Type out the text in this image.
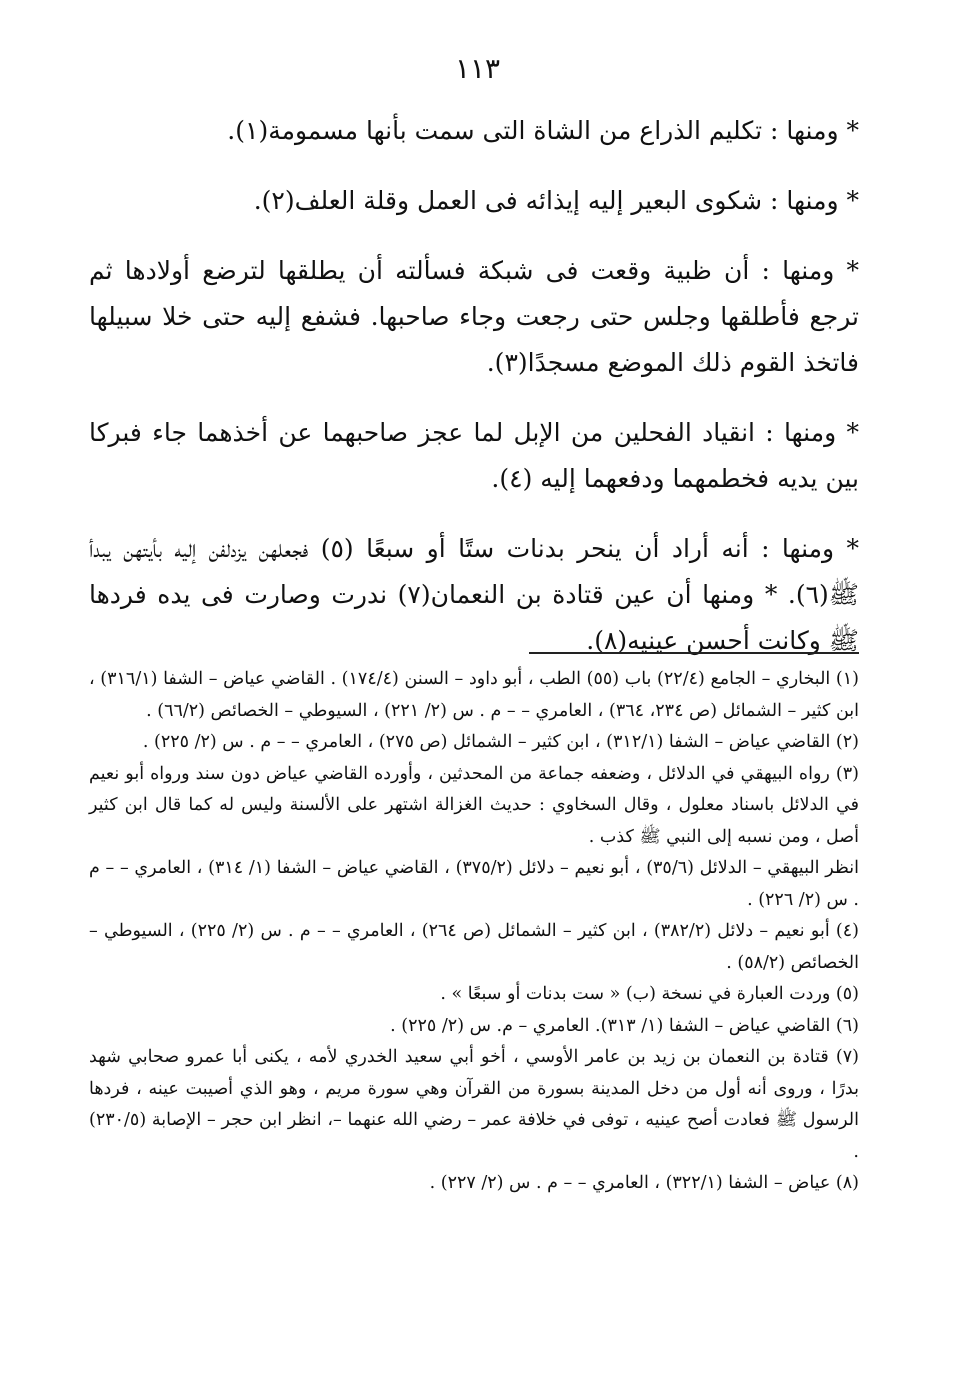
١١٣

* ومنها : تكليم الذراع من الشاة التى سمت بأنها مسمومة(١).

* ومنها : شكوى البعير إليه إيذائه فى العمل وقلة العلف(٢).

* ومنها : أن ظبية وقعت فى شبكة فسألته أن يطلقها لترضع أولادها ثم ترجع فأطلقها وجلس حتى رجعت وجاء صاحبها. فشفع إليه حتى خلا سبيلها فاتخذ القوم ذلك الموضع مسجدًا(٣).

* ومنها : انقياد الفحلين من الإبل لما عجز صاحبهما عن أخذهما جاء فبركا بين يديه فخطمهما ودفعهما إليه (٤).

* ومنها : أنه أراد أن ينحر بدنات ستًا أو سبعًا (٥) فجعلهن يزدلفن إليه بأيتهن يبدأ ﷺ(٦). * ومنها أن عين قتادة بن النعمان(٧) ندرت وصارت فى يده فردها ﷺ وكانت أحسن عينيه(٨).

(١) البخاري – الجامع (٢٢/٤) باب (٥٥) الطب ، أبو داود – السنن (١٧٤/٤) . القاضي عياض – الشفا (٣١٦/١) ، ابن كثير – الشمائل (ص ٢٣٤، ٣٦٤) ، العامري – – م . س (٢/ ٢٢١) ، السيوطي – الخصائص (٦٦/٢) .

(٢) القاضي عياض – الشفا (٣١٢/١) ، ابن كثير – الشمائل (ص ٢٧٥) ، العامري – – م . س (٢/ ٢٢٥) .

(٣) رواه البيهقي في الدلائل ، وضعفه جماعة من المحدثين ، وأورده القاضي عياض دون سند ورواه أبو نعيم في الدلائل باسناد معلول ، وقال السخاوي : حديث الغزالة اشتهر على الألسنة وليس له كما قال ابن كثير أصل ، ومن نسبه إلى النبي ﷺ كذب .

انظر البيهقي – الدلائل (٣٥/٦) ، أبو نعيم – دلائل (٣٧٥/٢) ، القاضي عياض – الشفا (١/ ٣١٤) ، العامري – – م . س (٢/ ٢٢٦) .

(٤) أبو نعيم – دلائل (٣٨٢/٢) ، ابن كثير – الشمائل (ص ٢٦٤) ، العامري – – م . س (٢/ ٢٢٥) ، السيوطي – الخصائص (٥٨/٢) .

(٥) وردت العبارة في نسخة (ب) « ست بدنات أو سبعًا » .

(٦) القاضي عياض – الشفا (١/ ٣١٣). العامري – م. س (٢/ ٢٢٥) .

(٧) قتادة بن النعمان بن زيد بن عامر الأوسي ، أخو أبي سعيد الخدري لأمه ، يكنى أبا عمرو صحابي شهد بدرًا ، وروى أنه أول من دخل المدينة بسورة من القرآن وهي سورة مريم ، وهو الذي أصيبت عينه ، فردها الرسول ﷺ فعادت أصح عينيه ، توفى في خلافة عمر – رضي الله عنهما –، انظر ابن حجر – الإصابة (٢٣٠/٥) .

(٨) عياض – الشفا (٣٢٢/١) ، العامري – – م . س (٢/ ٢٢٧) .
